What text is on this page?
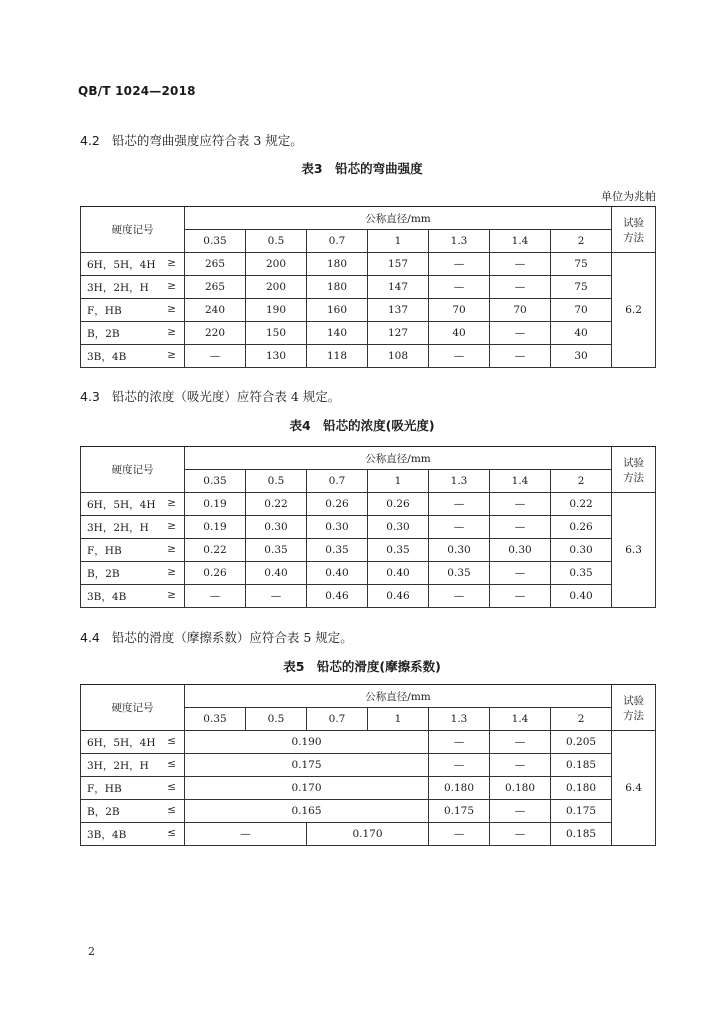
QB/T 1024—2018
4.2 铅芯的弯曲强度应符合表 3 规定。
表3　铅芯的弯曲强度
单位为兆帕
硬度记号	公称直径/mm							试验
方法

	0.35	0.5	0.7	1	1.3	1.4	2	
6H，5H，4H ≥	265	200	180	157	—	—	75	6.2
3H，2H，H ≥	265	200	180	147	—	—	75	
F，HB ≥	240	190	160	137	70	70	70	
B，2B ≥	220	150	140	127	40	—	40	
3B，4B ≥	—	130	118	108	—	—	30	
4.3 铅芯的浓度（吸光度）应符合表 4 规定。
表4　铅芯的浓度(吸光度)
硬度记号	公称直径/mm							试验
方法

	0.35	0.5	0.7	1	1.3	1.4	2	
6H，5H，4H ≥	0.19	0.22	0.26	0.26	—	—	0.22	6.3
3H，2H，H ≥	0.19	0.30	0.30	0.30	—	—	0.26	
F，HB ≥	0.22	0.35	0.35	0.35	0.30	0.30	0.30	
B，2B ≥	0.26	0.40	0.40	0.40	0.35	—	0.35	
3B，4B ≥	—	—	0.46	0.46	—	—	0.40	
4.4 铅芯的滑度（摩擦系数）应符合表 5 规定。
表5　铅芯的滑度(摩擦系数)
硬度记号	公称直径/mm							试验
方法

	0.35	0.5	0.7	1	1.3	1.4	2	
6H，5H，4H ≤	0.190				—	—	0.205	6.4
3H，2H，H ≤	0.175				—	—	0.185	
F，HB ≤	0.170				0.180	0.180	0.180	
B，2B ≤	0.165				0.175	—	0.175	
3B，4B ≤	—		0.170		—	—	0.185	
2
